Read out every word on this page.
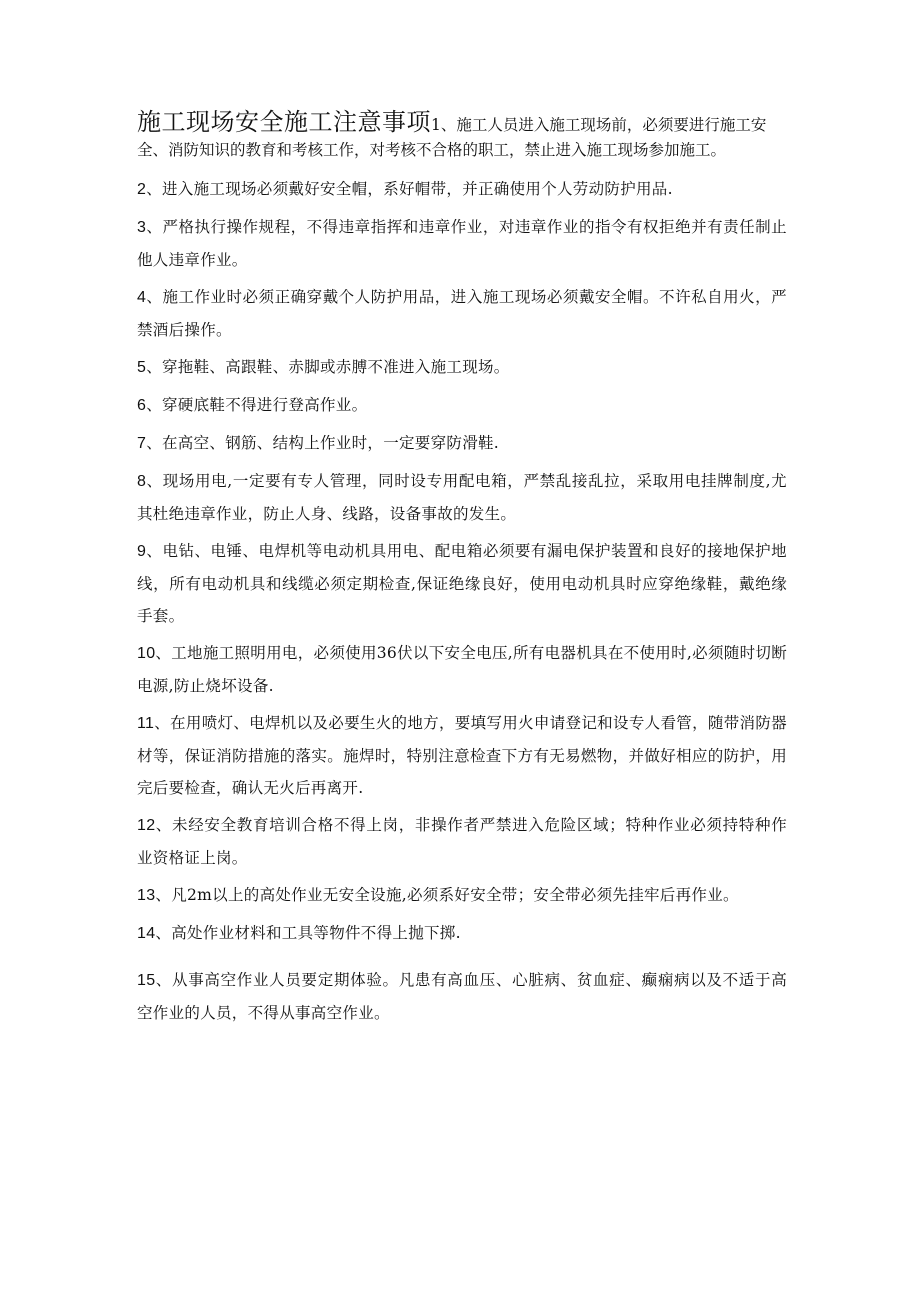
施工现场安全施工注意事项1、施工人员进入施工现场前，必须要进行施工安全、消防知识的教育和考核工作，对考核不合格的职工，禁止进入施工现场参加施工。

2、进入施工现场必须戴好安全帽，系好帽带，并正确使用个人劳动防护用品.

3、严格执行操作规程，不得违章指挥和违章作业，对违章作业的指令有权拒绝并有责任制止他人违章作业。

4、施工作业时必须正确穿戴个人防护用品，进入施工现场必须戴安全帽。不许私自用火，严禁酒后操作。

5、穿拖鞋、高跟鞋、赤脚或赤膊不准进入施工现场。

6、穿硬底鞋不得进行登高作业。

7、在高空、钢筋、结构上作业时，一定要穿防滑鞋.

8、现场用电,一定要有专人管理，同时设专用配电箱，严禁乱接乱拉，采取用电挂牌制度,尤其杜绝违章作业，防止人身、线路，设备事故的发生。

9、电钻、电锤、电焊机等电动机具用电、配电箱必须要有漏电保护装置和良好的接地保护地线，所有电动机具和线缆必须定期检查,保证绝缘良好，使用电动机具时应穿绝缘鞋，戴绝缘手套。

10、工地施工照明用电，必须使用36伏以下安全电压,所有电器机具在不使用时,必须随时切断电源,防止烧坏设备.

11、在用喷灯、电焊机以及必要生火的地方，要填写用火申请登记和设专人看管，随带消防器材等，保证消防措施的落实。施焊时，特别注意检查下方有无易燃物，并做好相应的防护，用完后要检查，确认无火后再离开.

12、未经安全教育培训合格不得上岗，非操作者严禁进入危险区域；特种作业必须持特种作业资格证上岗。

13、凡2m以上的高处作业无安全设施,必须系好安全带；安全带必须先挂牢后再作业。

14、高处作业材料和工具等物件不得上抛下掷.

15、从事高空作业人员要定期体验。凡患有高血压、心脏病、贫血症、癫痫病以及不适于高空作业的人员，不得从事高空作业。
